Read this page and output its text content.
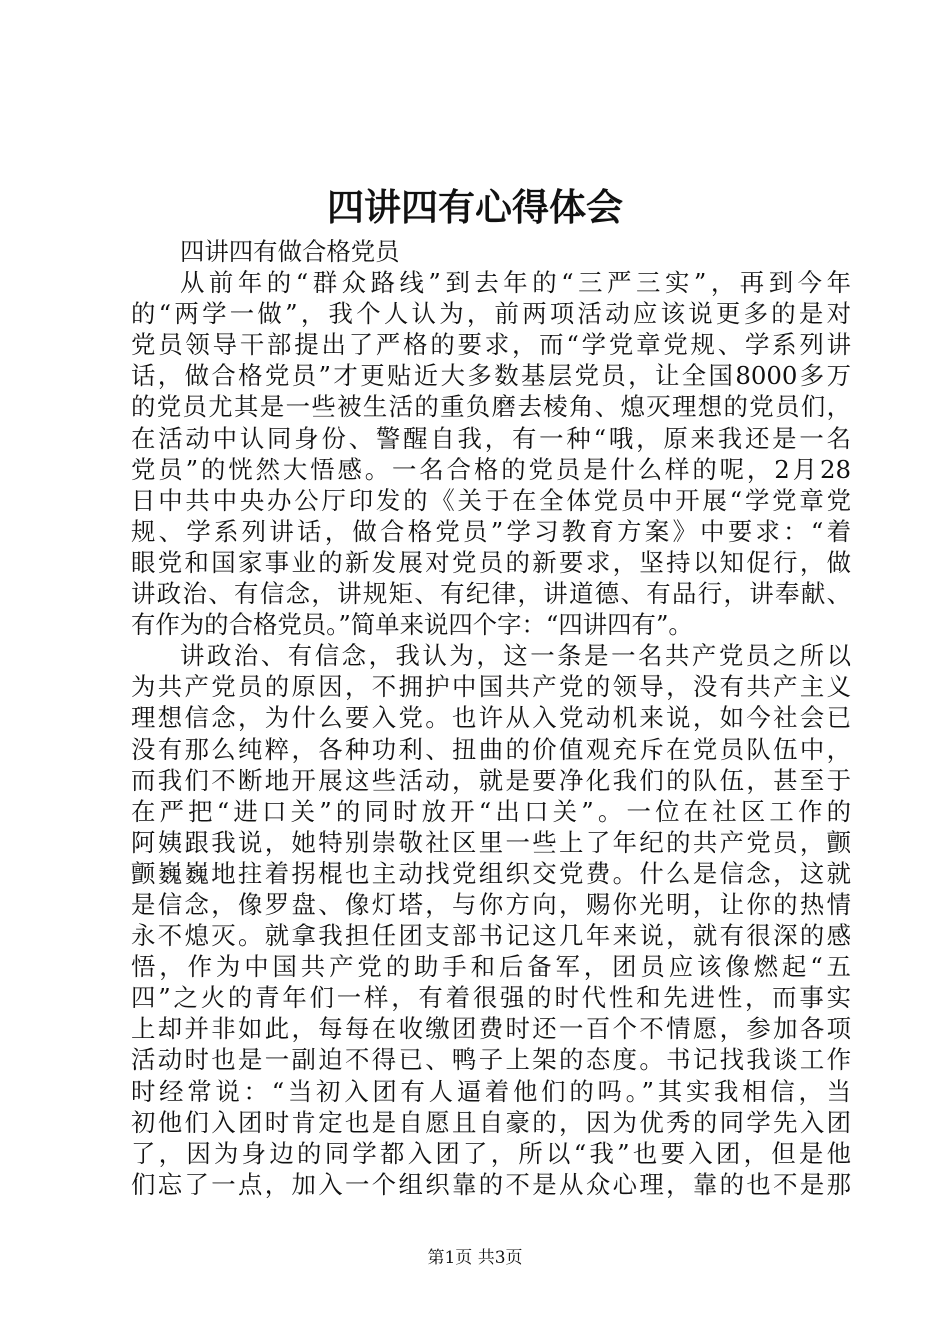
四讲四有心得体会
四讲四有做合格党员
从前年的“群众路线”到去年的“三严三实”，再到今年
的“两学一做”，我个人认为，前两项活动应该说更多的是对
党员领导干部提出了严格的要求，而“学党章党规、学系列讲
话，做合格党员”才更贴近大多数基层党员，让全国8000多万
的党员尤其是一些被生活的重负磨去棱角、熄灭理想的党员们，
在活动中认同身份、警醒自我，有一种“哦，原来我还是一名
党员”的恍然大悟感。一名合格的党员是什么样的呢，2月28
日中共中央办公厅印发的《关于在全体党员中开展“学党章党
规、学系列讲话，做合格党员”学习教育方案》中要求：“着
眼党和国家事业的新发展对党员的新要求，坚持以知促行，做
讲政治、有信念，讲规矩、有纪律，讲道德、有品行，讲奉献、
有作为的合格党员。”简单来说四个字：“四讲四有”。
讲政治、有信念，我认为，这一条是一名共产党员之所以
为共产党员的原因，不拥护中国共产党的领导，没有共产主义
理想信念，为什么要入党。也许从入党动机来说，如今社会已
没有那么纯粹，各种功利、扭曲的价值观充斥在党员队伍中，
而我们不断地开展这些活动，就是要净化我们的队伍，甚至于
在严把“进口关”的同时放开“出口关”。一位在社区工作的
阿姨跟我说，她特别崇敬社区里一些上了年纪的共产党员，颤
颤巍巍地拄着拐棍也主动找党组织交党费。什么是信念，这就
是信念，像罗盘、像灯塔，与你方向，赐你光明，让你的热情
永不熄灭。就拿我担任团支部书记这几年来说，就有很深的感
悟，作为中国共产党的助手和后备军，团员应该像燃起“五
四”之火的青年们一样，有着很强的时代性和先进性，而事实
上却并非如此，每每在收缴团费时还一百个不情愿，参加各项
活动时也是一副迫不得已、鸭子上架的态度。书记找我谈工作
时经常说：“当初入团有人逼着他们的吗。”其实我相信，当
初他们入团时肯定也是自愿且自豪的，因为优秀的同学先入团
了，因为身边的同学都入团了，所以“我”也要入团，但是他
们忘了一点，加入一个组织靠的不是从众心理，靠的也不是那
第1页 共3页
